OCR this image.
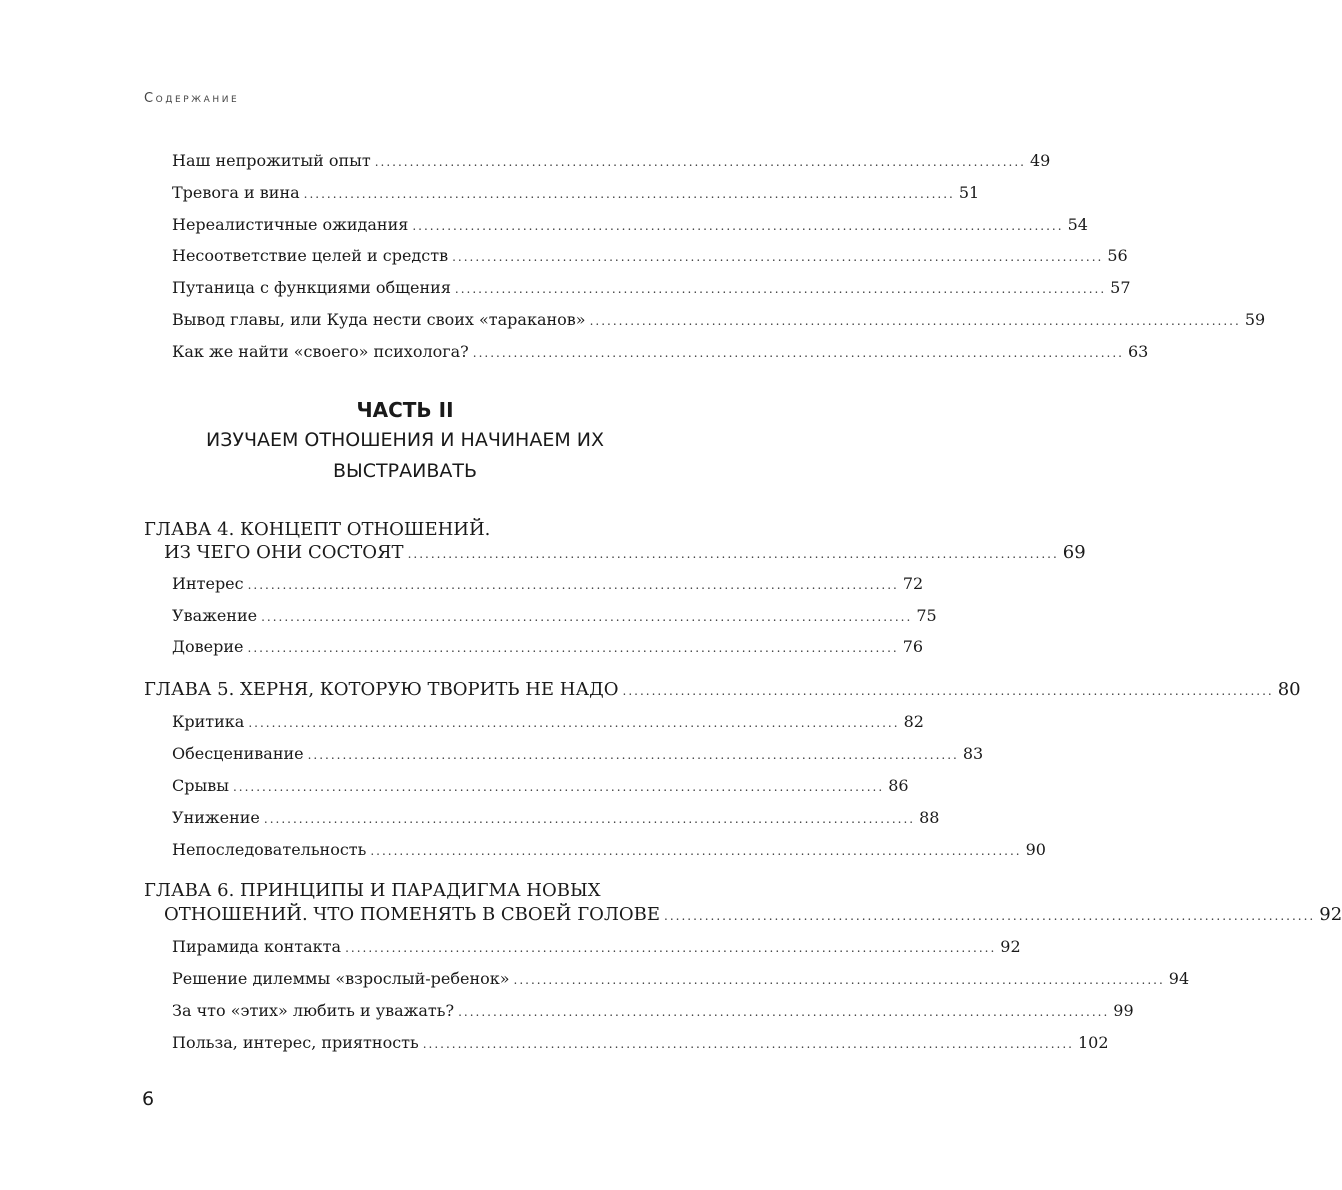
Содержание
Наш непрожитый опыт ................................................................................................................ 49
Тревога и вина ................................................................................................................ 51
Нереалистичные ожидания ................................................................................................................ 54
Несоответствие целей и средств ................................................................................................................ 56
Путаница с функциями общения ................................................................................................................ 57
Вывод главы, или Куда нести своих «тараканов» ................................................................................................................ 59
Как же найти «своего» психолога? ................................................................................................................ 63
ЧАСТЬ II
ИЗУЧАЕМ ОТНОШЕНИЯ И НАЧИНАЕМ ИХ
ВЫСТРАИВАТЬ
ГЛАВА 4. КОНЦЕПТ ОТНОШЕНИЙ.
ИЗ ЧЕГО ОНИ СОСТОЯТ ................................................................................................................ 69
Интерес ................................................................................................................ 72
Уважение ................................................................................................................ 75
Доверие ................................................................................................................ 76
ГЛАВА 5. ХЕРНЯ, КОТОРУЮ ТВОРИТЬ НЕ НАДО ................................................................................................................ 80
Критика ................................................................................................................ 82
Обесценивание ................................................................................................................ 83
Срывы ................................................................................................................ 86
Унижение ................................................................................................................ 88
Непоследовательность ................................................................................................................ 90
ГЛАВА 6. ПРИНЦИПЫ И ПАРАДИГМА НОВЫХ
ОТНОШЕНИЙ. ЧТО ПОМЕНЯТЬ В СВОЕЙ ГОЛОВЕ ................................................................................................................ 92
Пирамида контакта ................................................................................................................ 92
Решение дилеммы «взрослый-ребенок» ................................................................................................................ 94
За что «этих» любить и уважать? ................................................................................................................ 99
Польза, интерес, приятность ................................................................................................................ 102
6
